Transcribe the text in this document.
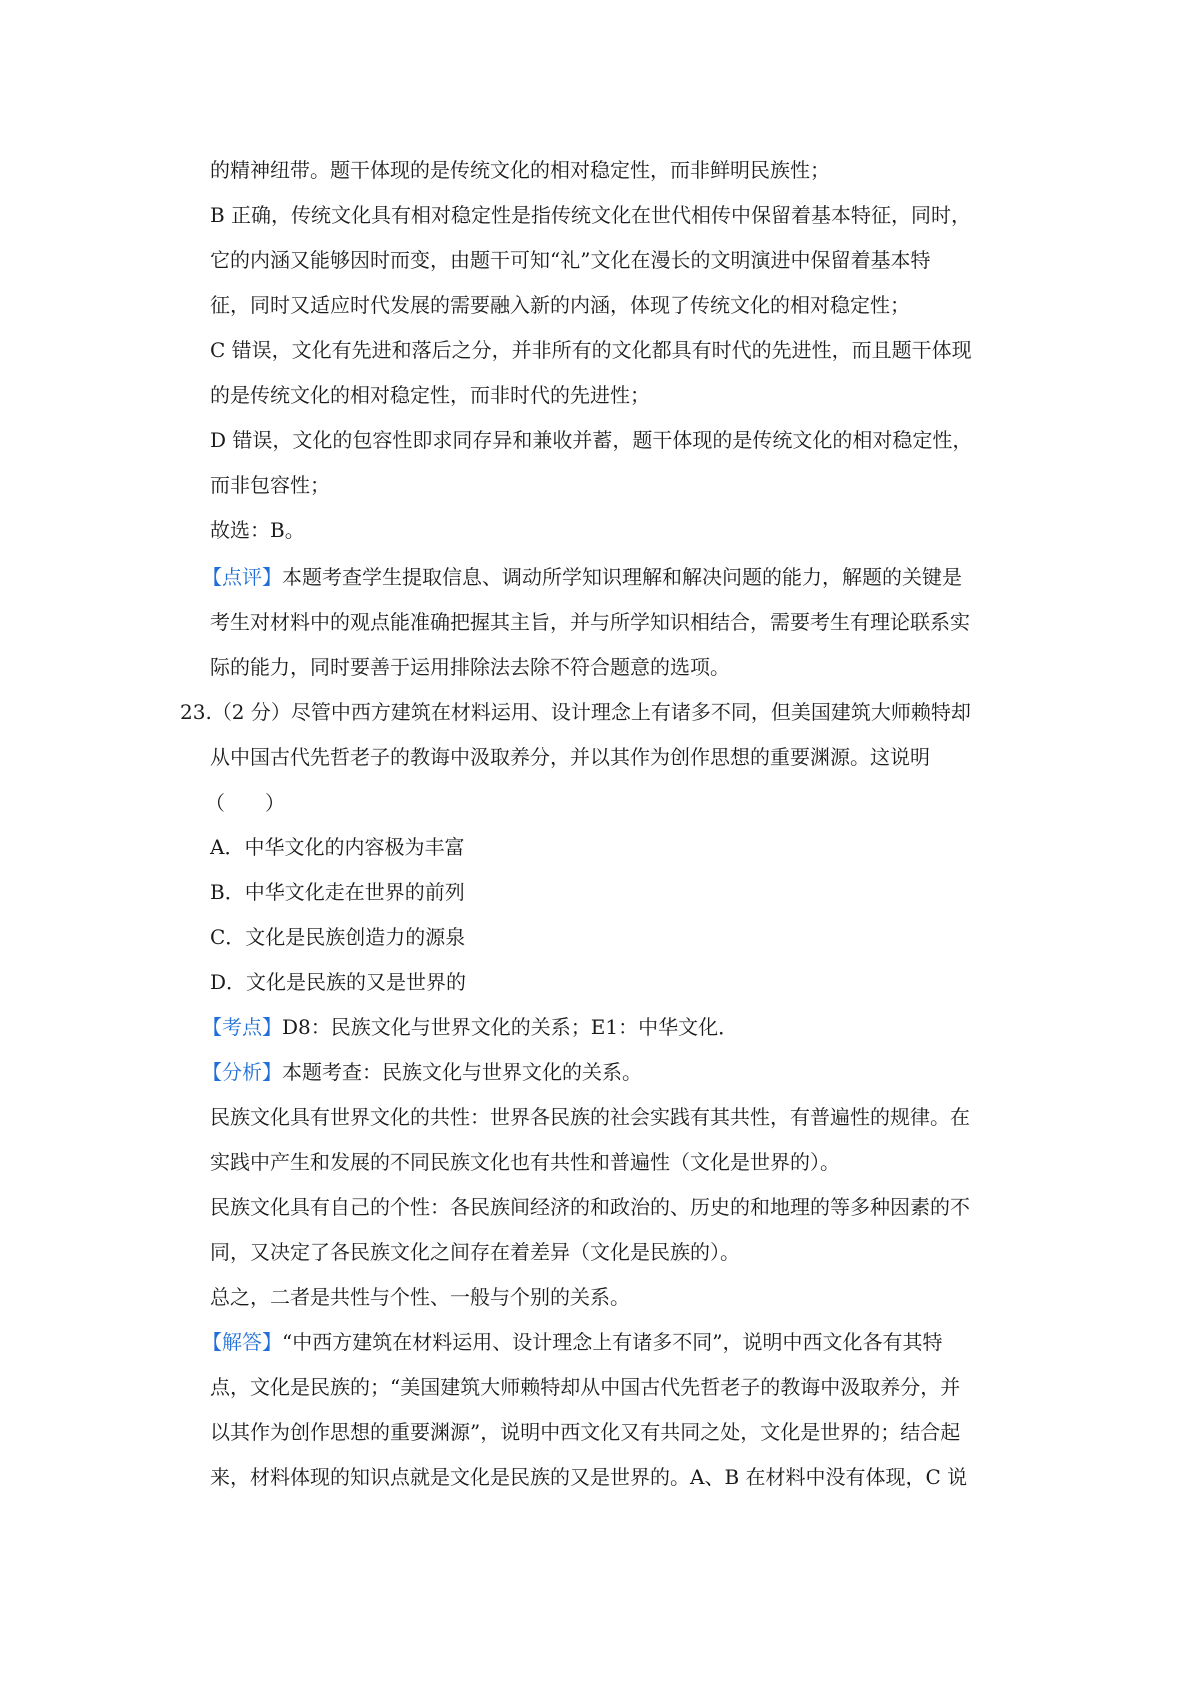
的精神纽带。题干体现的是传统文化的相对稳定性，而非鲜明民族性；
B 正确，传统文化具有相对稳定性是指传统文化在世代相传中保留着基本特征，同时，
它的内涵又能够因时而变，由题干可知“礼”文化在漫长的文明演进中保留着基本特
征，同时又适应时代发展的需要融入新的内涵，体现了传统文化的相对稳定性；
C 错误，文化有先进和落后之分，并非所有的文化都具有时代的先进性，而且题干体现
的是传统文化的相对稳定性，而非时代的先进性；
D 错误，文化的包容性即求同存异和兼收并蓄，题干体现的是传统文化的相对稳定性，
而非包容性；
故选：B。
【点评】本题考查学生提取信息、调动所学知识理解和解决问题的能力，解题的关键是
考生对材料中的观点能准确把握其主旨，并与所学知识相结合，需要考生有理论联系实
际的能力，同时要善于运用排除法去除不符合题意的选项。
23.（2 分）尽管中西方建筑在材料运用、设计理念上有诸多不同，但美国建筑大师赖特却
从中国古代先哲老子的教诲中汲取养分，并以其作为创作思想的重要渊源。这说明
（　　）
A．中华文化的内容极为丰富
B．中华文化走在世界的前列
C．文化是民族创造力的源泉
D．文化是民族的又是世界的
【考点】D8：民族文化与世界文化的关系；E1：中华文化．
【分析】本题考查：民族文化与世界文化的关系。
民族文化具有世界文化的共性：世界各民族的社会实践有其共性，有普遍性的规律。在
实践中产生和发展的不同民族文化也有共性和普遍性（文化是世界的）。
民族文化具有自己的个性：各民族间经济的和政治的、历史的和地理的等多种因素的不
同，又决定了各民族文化之间存在着差异（文化是民族的）。
总之，二者是共性与个性、一般与个别的关系。
【解答】“中西方建筑在材料运用、设计理念上有诸多不同”，说明中西文化各有其特
点，文化是民族的；“美国建筑大师赖特却从中国古代先哲老子的教诲中汲取养分，并
以其作为创作思想的重要渊源”，说明中西文化又有共同之处，文化是世界的；结合起
来，材料体现的知识点就是文化是民族的又是世界的。A、B 在材料中没有体现，C 说
